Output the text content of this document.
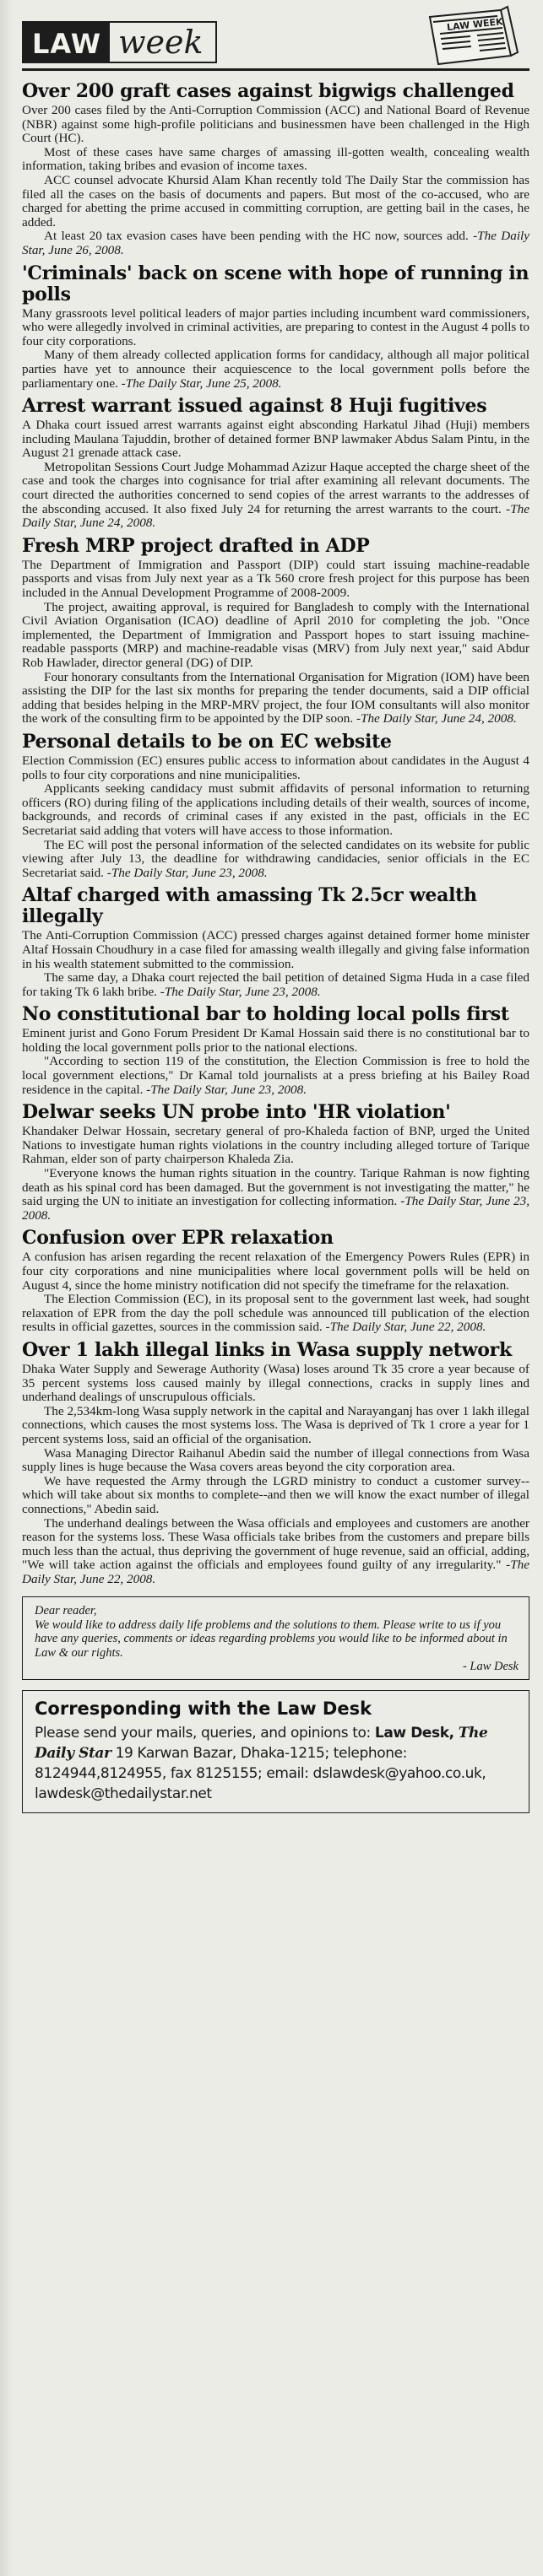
LAW week	LAW WEEK
Over 200 graft cases against bigwigs challenged

Over 200 cases filed by the Anti-Corruption Commission (ACC) and National Board of Revenue (NBR) against some high-profile politicians and businessmen have been challenged in the High Court (HC).

Most of these cases have same charges of amassing ill-gotten wealth, concealing wealth information, taking bribes and evasion of income taxes.

ACC counsel advocate Khursid Alam Khan recently told The Daily Star the commission has filed all the cases on the basis of documents and papers. But most of the co-accused, who are charged for abetting the prime accused in committing corruption, are getting bail in the cases, he added.

At least 20 tax evasion cases have been pending with the HC now, sources add. -The Daily Star, June 26, 2008.

'Criminals' back on scene with hope of running in polls

Many grassroots level political leaders of major parties including incumbent ward commissioners, who were allegedly involved in criminal activities, are preparing to contest in the August 4 polls to four city corporations.

Many of them already collected application forms for candidacy, although all major political parties have yet to announce their acquiescence to the local government polls before the parliamentary one. -The Daily Star, June 25, 2008.

Arrest warrant issued against 8 Huji fugitives

A Dhaka court issued arrest warrants against eight absconding Harkatul Jihad (Huji) members including Maulana Tajuddin, brother of detained former BNP lawmaker Abdus Salam Pintu, in the August 21 grenade attack case.

Metropolitan Sessions Court Judge Mohammad Azizur Haque accepted the charge sheet of the case and took the charges into cognisance for trial after examining all relevant documents. The court directed the authorities concerned to send copies of the arrest warrants to the addresses of the absconding accused. It also fixed July 24 for returning the arrest warrants to the court. -The Daily Star, June 24, 2008.

Fresh MRP project drafted in ADP

The Department of Immigration and Passport (DIP) could start issuing machine-readable passports and visas from July next year as a Tk 560 crore fresh project for this purpose has been included in the Annual Development Programme of 2008-2009.

The project, awaiting approval, is required for Bangladesh to comply with the International Civil Aviation Organisation (ICAO) deadline of April 2010 for completing the job. "Once implemented, the Department of Immigration and Passport hopes to start issuing machine-readable passports (MRP) and machine-readable visas (MRV) from July next year," said Abdur Rob Hawlader, director general (DG) of DIP.

Four honorary consultants from the International Organisation for Migration (IOM) have been assisting the DIP for the last six months for preparing the tender documents, said a DIP official adding that besides helping in the MRP-MRV project, the four IOM consultants will also monitor the work of the consulting firm to be appointed by the DIP soon. -The Daily Star, June 24, 2008.

Personal details to be on EC website

Election Commission (EC) ensures public access to information about candidates in the August 4 polls to four city corporations and nine municipalities.

Applicants seeking candidacy must submit affidavits of personal information to returning officers (RO) during filing of the applications including details of their wealth, sources of income, backgrounds, and records of criminal cases if any existed in the past, officials in the EC Secretariat said adding that voters will have access to those information.

The EC will post the personal information of the selected candidates on its website for public viewing after July 13, the deadline for withdrawing candidacies, senior officials in the EC Secretariat said. -The Daily Star, June 23, 2008.

Altaf charged with amassing Tk 2.5cr wealth illegally

The Anti-Corruption Commission (ACC) pressed charges against detained former home minister Altaf Hossain Choudhury in a case filed for amassing wealth illegally and giving false information in his wealth statement submitted to the commission.

The same day, a Dhaka court rejected the bail petition of detained Sigma Huda in a case filed for taking Tk 6 lakh bribe. -The Daily Star, June 23, 2008.

No constitutional bar to holding local polls first

Eminent jurist and Gono Forum President Dr Kamal Hossain said there is no constitutional bar to holding the local government polls prior to the national elections.

"According to section 119 of the constitution, the Election Commission is free to hold the local government elections," Dr Kamal told journalists at a press briefing at his Bailey Road residence in the capital. -The Daily Star, June 23, 2008.

Delwar seeks UN probe into 'HR violation'

Khandaker Delwar Hossain, secretary general of pro-Khaleda faction of BNP, urged the United Nations to investigate human rights violations in the country including alleged torture of Tarique Rahman, elder son of party chairperson Khaleda Zia.

"Everyone knows the human rights situation in the country. Tarique Rahman is now fighting death as his spinal cord has been damaged. But the government is not investigating the matter," he said urging the UN to initiate an investigation for collecting information. -The Daily Star, June 23, 2008.

Confusion over EPR relaxation

A confusion has arisen regarding the recent relaxation of the Emergency Powers Rules (EPR) in four city corporations and nine municipalities where local government polls will be held on August 4, since the home ministry notification did not specify the timeframe for the relaxation.

The Election Commission (EC), in its proposal sent to the government last week, had sought relaxation of EPR from the day the poll schedule was announced till publication of the election results in official gazettes, sources in the commission said. -The Daily Star, June 22, 2008.

Over 1 lakh illegal links in Wasa supply network

Dhaka Water Supply and Sewerage Authority (Wasa) loses around Tk 35 crore a year because of 35 percent systems loss caused mainly by illegal connections, cracks in supply lines and underhand dealings of unscrupulous officials.

The 2,534km-long Wasa supply network in the capital and Narayanganj has over 1 lakh illegal connections, which causes the most systems loss. The Wasa is deprived of Tk 1 crore a year for 1 percent systems loss, said an official of the organisation.

Wasa Managing Director Raihanul Abedin said the number of illegal connections from Wasa supply lines is huge because the Wasa covers areas beyond the city corporation area.

We have requested the Army through the LGRD ministry to conduct a customer survey--which will take about six months to complete--and then we will know the exact number of illegal connections," Abedin said.

The underhand dealings between the Wasa officials and employees and customers are another reason for the systems loss. These Wasa officials take bribes from the customers and prepare bills much less than the actual, thus depriving the government of huge revenue, said an official, adding, "We will take action against the officials and employees found guilty of any irregularity." -The Daily Star, June 22, 2008.

Dear reader,
We would like to address daily life problems and the solutions to them. Please write to us if you have any queries, comments or ideas regarding problems you would like to be informed about in Law & our rights.
- Law Desk
Corresponding with the Law Desk
Please send your mails, queries, and opinions to: Law Desk, The Daily Star 19 Karwan Bazar, Dhaka-1215; telephone: 8124944,8124955, fax 8125155; email: dslawdesk@yahoo.co.uk, lawdesk@thedailystar.net
